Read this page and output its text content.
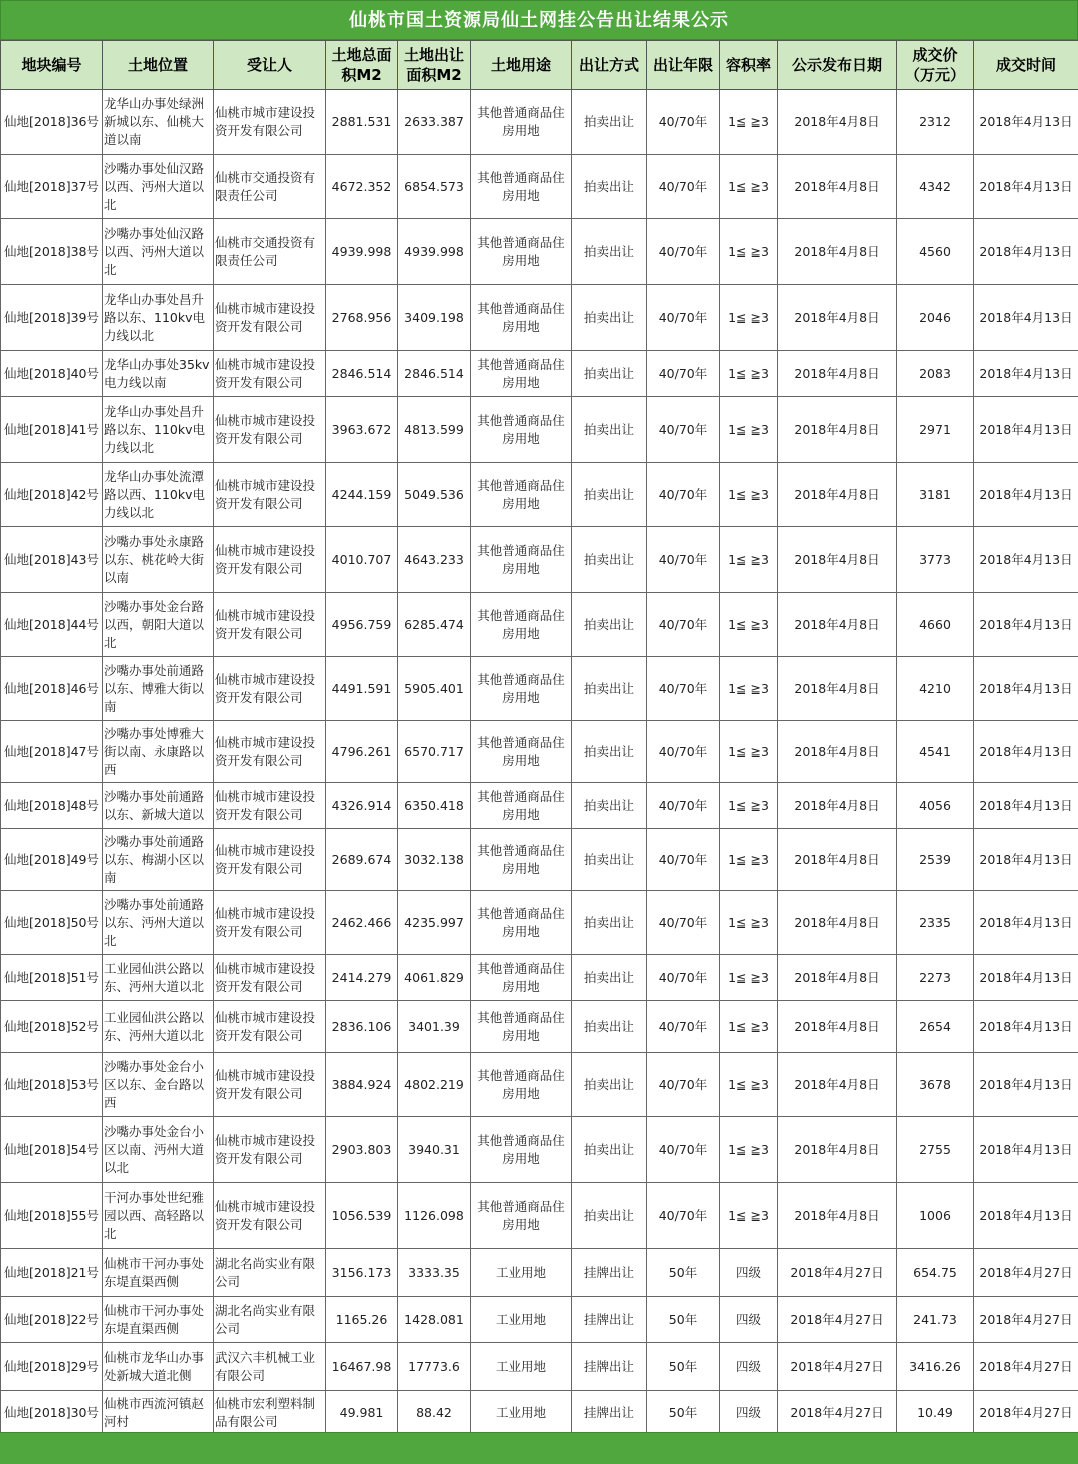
仙桃市国土资源局仙土网挂公告出让结果公示
地块编号	土地位置	受让人	土地总面积M2	土地出让面积M2	土地用途	出让方式	出让年限	容积率	公示发布日期	成交价（万元）	成交时间
仙地[2018]36号	龙华山办事处绿洲新城以东、仙桃大道以南	仙桃市城市建设投资开发有限公司	2881.531	2633.387	其他普通商品住房用地	拍卖出让	40/70年	1≦ ≧3	2018年4月8日	2312	2018年4月13日
仙地[2018]37号	沙嘴办事处仙汉路以西、沔州大道以北	仙桃市交通投资有限责任公司	4672.352	6854.573	其他普通商品住房用地	拍卖出让	40/70年	1≦ ≧3	2018年4月8日	4342	2018年4月13日
仙地[2018]38号	沙嘴办事处仙汉路以西、沔州大道以北	仙桃市交通投资有限责任公司	4939.998	4939.998	其他普通商品住房用地	拍卖出让	40/70年	1≦ ≧3	2018年4月8日	4560	2018年4月13日
仙地[2018]39号	龙华山办事处昌升路以东、110kv电力线以北	仙桃市城市建设投资开发有限公司	2768.956	3409.198	其他普通商品住房用地	拍卖出让	40/70年	1≦ ≧3	2018年4月8日	2046	2018年4月13日
仙地[2018]40号	龙华山办事处35kv电力线以南	仙桃市城市建设投资开发有限公司	2846.514	2846.514	其他普通商品住房用地	拍卖出让	40/70年	1≦ ≧3	2018年4月8日	2083	2018年4月13日
仙地[2018]41号	龙华山办事处昌升路以东、110kv电力线以北	仙桃市城市建设投资开发有限公司	3963.672	4813.599	其他普通商品住房用地	拍卖出让	40/70年	1≦ ≧3	2018年4月8日	2971	2018年4月13日
仙地[2018]42号	龙华山办事处流潭路以西、110kv电力线以北	仙桃市城市建设投资开发有限公司	4244.159	5049.536	其他普通商品住房用地	拍卖出让	40/70年	1≦ ≧3	2018年4月8日	3181	2018年4月13日
仙地[2018]43号	沙嘴办事处永康路以东、桃花岭大街以南	仙桃市城市建设投资开发有限公司	4010.707	4643.233	其他普通商品住房用地	拍卖出让	40/70年	1≦ ≧3	2018年4月8日	3773	2018年4月13日
仙地[2018]44号	沙嘴办事处金台路以西，朝阳大道以北	仙桃市城市建设投资开发有限公司	4956.759	6285.474	其他普通商品住房用地	拍卖出让	40/70年	1≦ ≧3	2018年4月8日	4660	2018年4月13日
仙地[2018]46号	沙嘴办事处前通路以东、博雅大街以南	仙桃市城市建设投资开发有限公司	4491.591	5905.401	其他普通商品住房用地	拍卖出让	40/70年	1≦ ≧3	2018年4月8日	4210	2018年4月13日
仙地[2018]47号	沙嘴办事处博雅大街以南、永康路以西	仙桃市城市建设投资开发有限公司	4796.261	6570.717	其他普通商品住房用地	拍卖出让	40/70年	1≦ ≧3	2018年4月8日	4541	2018年4月13日
仙地[2018]48号	沙嘴办事处前通路以东、新城大道以	仙桃市城市建设投资开发有限公司	4326.914	6350.418	其他普通商品住房用地	拍卖出让	40/70年	1≦ ≧3	2018年4月8日	4056	2018年4月13日
仙地[2018]49号	沙嘴办事处前通路以东、梅湖小区以南	仙桃市城市建设投资开发有限公司	2689.674	3032.138	其他普通商品住房用地	拍卖出让	40/70年	1≦ ≧3	2018年4月8日	2539	2018年4月13日
仙地[2018]50号	沙嘴办事处前通路以东、沔州大道以北	仙桃市城市建设投资开发有限公司	2462.466	4235.997	其他普通商品住房用地	拍卖出让	40/70年	1≦ ≧3	2018年4月8日	2335	2018年4月13日
仙地[2018]51号	工业园仙洪公路以东、沔州大道以北	仙桃市城市建设投资开发有限公司	2414.279	4061.829	其他普通商品住房用地	拍卖出让	40/70年	1≦ ≧3	2018年4月8日	2273	2018年4月13日
仙地[2018]52号	工业园仙洪公路以东、沔州大道以北	仙桃市城市建设投资开发有限公司	2836.106	3401.39	其他普通商品住房用地	拍卖出让	40/70年	1≦ ≧3	2018年4月8日	2654	2018年4月13日
仙地[2018]53号	沙嘴办事处金台小区以东、金台路以西	仙桃市城市建设投资开发有限公司	3884.924	4802.219	其他普通商品住房用地	拍卖出让	40/70年	1≦ ≧3	2018年4月8日	3678	2018年4月13日
仙地[2018]54号	沙嘴办事处金台小区以南、沔州大道以北	仙桃市城市建设投资开发有限公司	2903.803	3940.31	其他普通商品住房用地	拍卖出让	40/70年	1≦ ≧3	2018年4月8日	2755	2018年4月13日
仙地[2018]55号	干河办事处世纪雅园以西、高轻路以北	仙桃市城市建设投资开发有限公司	1056.539	1126.098	其他普通商品住房用地	拍卖出让	40/70年	1≦ ≧3	2018年4月8日	1006	2018年4月13日
仙地[2018]21号	仙桃市干河办事处东堤直渠西侧	湖北名尚实业有限公司	3156.173	3333.35	工业用地	挂牌出让	50年	四级	2018年4月27日	654.75	2018年4月27日
仙地[2018]22号	仙桃市干河办事处东堤直渠西侧	湖北名尚实业有限公司	1165.26	1428.081	工业用地	挂牌出让	50年	四级	2018年4月27日	241.73	2018年4月27日
仙地[2018]29号	仙桃市龙华山办事处新城大道北侧	武汉六丰机械工业有限公司	16467.98	17773.6	工业用地	挂牌出让	50年	四级	2018年4月27日	3416.26	2018年4月27日
仙地[2018]30号	仙桃市西流河镇赵河村	仙桃市宏利塑料制品有限公司	49.981	88.42	工业用地	挂牌出让	50年	四级	2018年4月27日	10.49	2018年4月27日
